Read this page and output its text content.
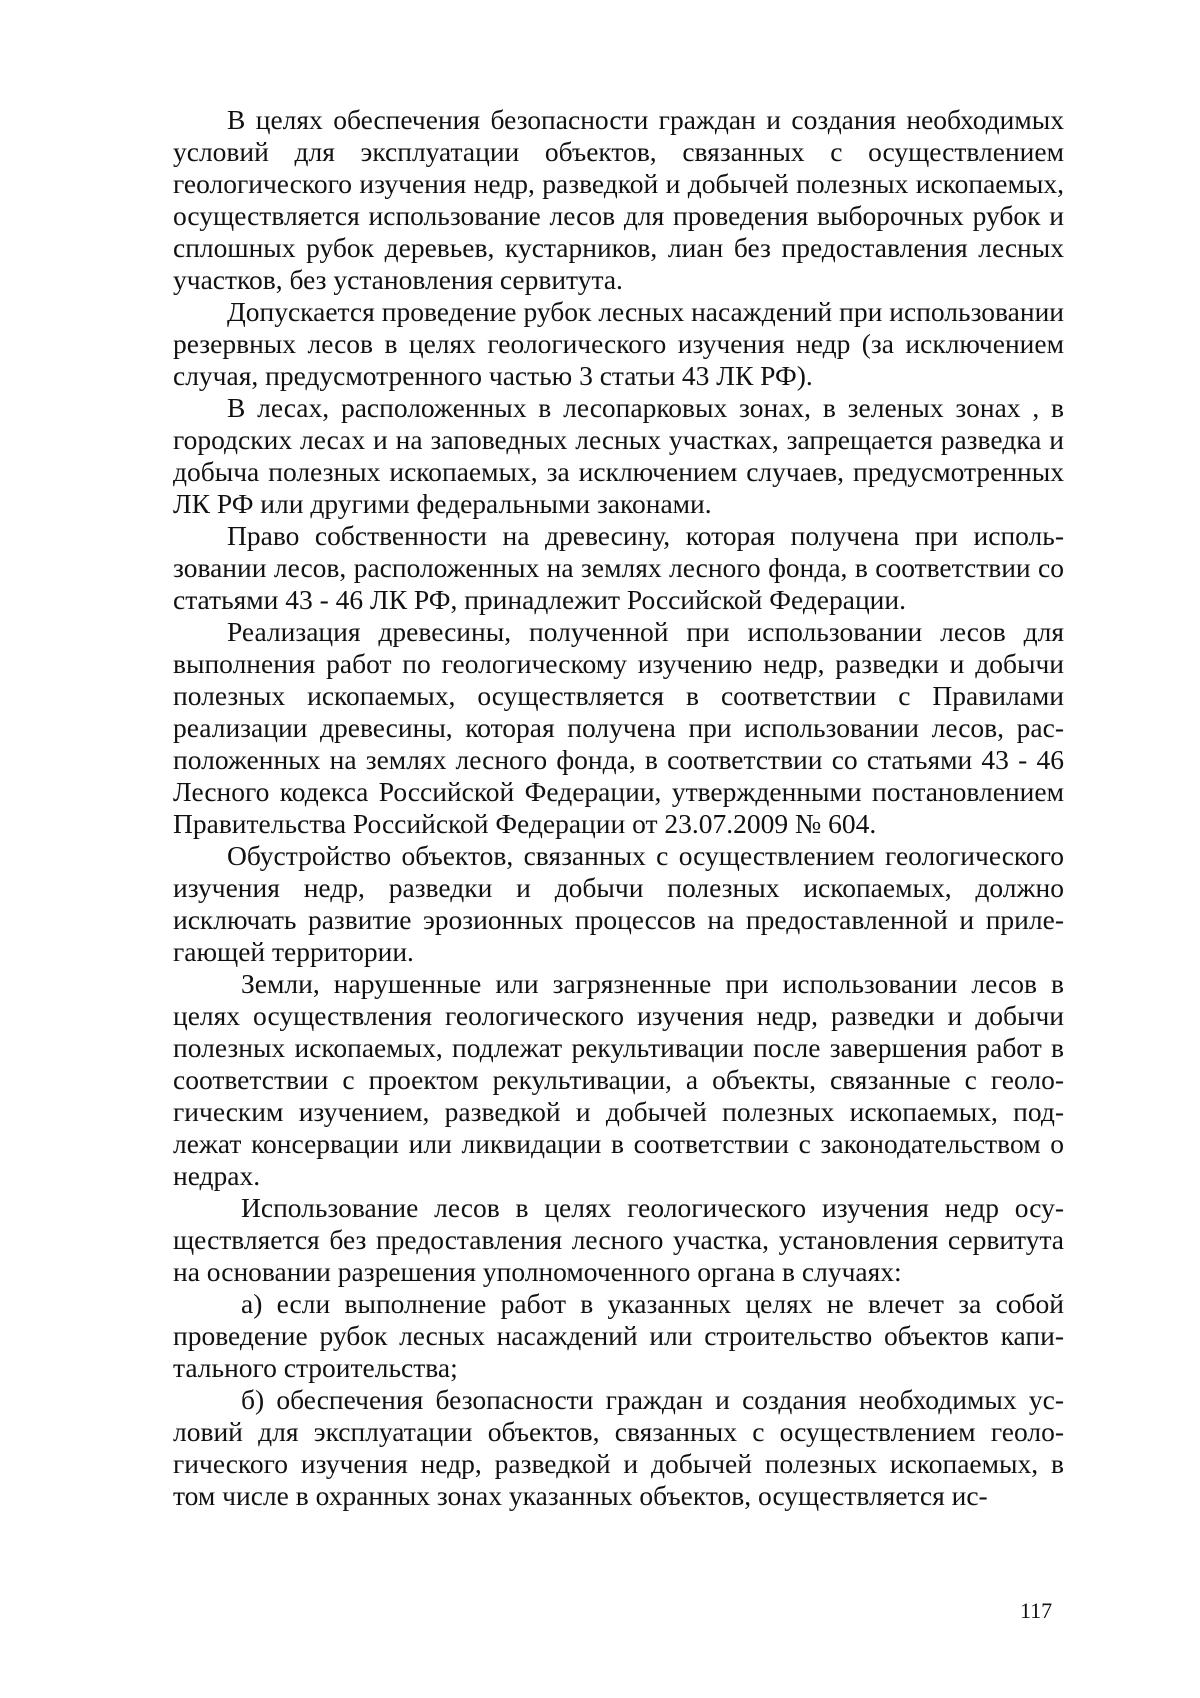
В целях обеспечения безопасности граждан и создания необходимых условий для эксплуатации объектов, связанных с осуществлением геологического изучения недр, разведкой и добычей полезных ископаемых, осуществляется использование лесов для проведения выборочных рубок и сплошных рубок деревьев, кустарников, лиан без предоставления лесных участков, без установления сервитута.

Допускается проведение рубок лесных насаждений при использовании резервных лесов в целях геологического изучения недр (за исключением случая, предусмотренного частью 3 статьи 43 ЛК РФ).

В лесах, расположенных в лесопарковых зонах, в зеленых зонах , в городских лесах и на заповедных лесных участках, запрещается разведка и добыча полезных ископаемых, за исключением случаев, предусмотренных ЛК РФ или другими федеральными законами.

Право собственности на древесину, которая получена при использовании лесов, расположенных на землях лесного фонда, в соответствии со статьями 43 - 46 ЛК РФ, принадлежит Российской Федерации.

Реализация древесины, полученной при использовании лесов для выполнения работ по геологическому изучению недр, разведки и добычи полезных ископаемых, осуществляется в соответствии с Правилами реализации древесины, которая получена при использовании лесов, расположенных на землях лесного фонда, в соответствии со статьями 43 - 46 Лесного кодекса Российской Федерации, утвержденными постановлением Правительства Российской Федерации от 23.07.2009 № 604.

Обустройство объектов, связанных с осуществлением геологического изучения недр, разведки и добычи полезных ископаемых, должно исключать развитие эрозионных процессов на предоставленной и прилегающей территории.

Земли, нарушенные или загрязненные при использовании лесов в целях осуществления геологического изучения недр, разведки и добычи полезных ископаемых, подлежат рекультивации после завершения работ в соответствии с проектом рекультивации, а объекты, связанные с геологическим изучением, разведкой и добычей полезных ископаемых, подлежат консервации или ликвидации в соответствии с законодательством о недрах.

Использование лесов в целях геологического изучения недр осуществляется без предоставления лесного участка, установления сервитута на основании разрешения уполномоченного органа в случаях:

а) если выполнение работ в указанных целях не влечет за собой проведение рубок лесных насаждений или строительство объектов капитального строительства;

б) обеспечения безопасности граждан и создания необходимых условий для эксплуатации объектов, связанных с осуществлением геологического изучения недр, разведкой и добычей полезных ископаемых, в том числе в охранных зонах указанных объектов, осуществляется ис-

117
